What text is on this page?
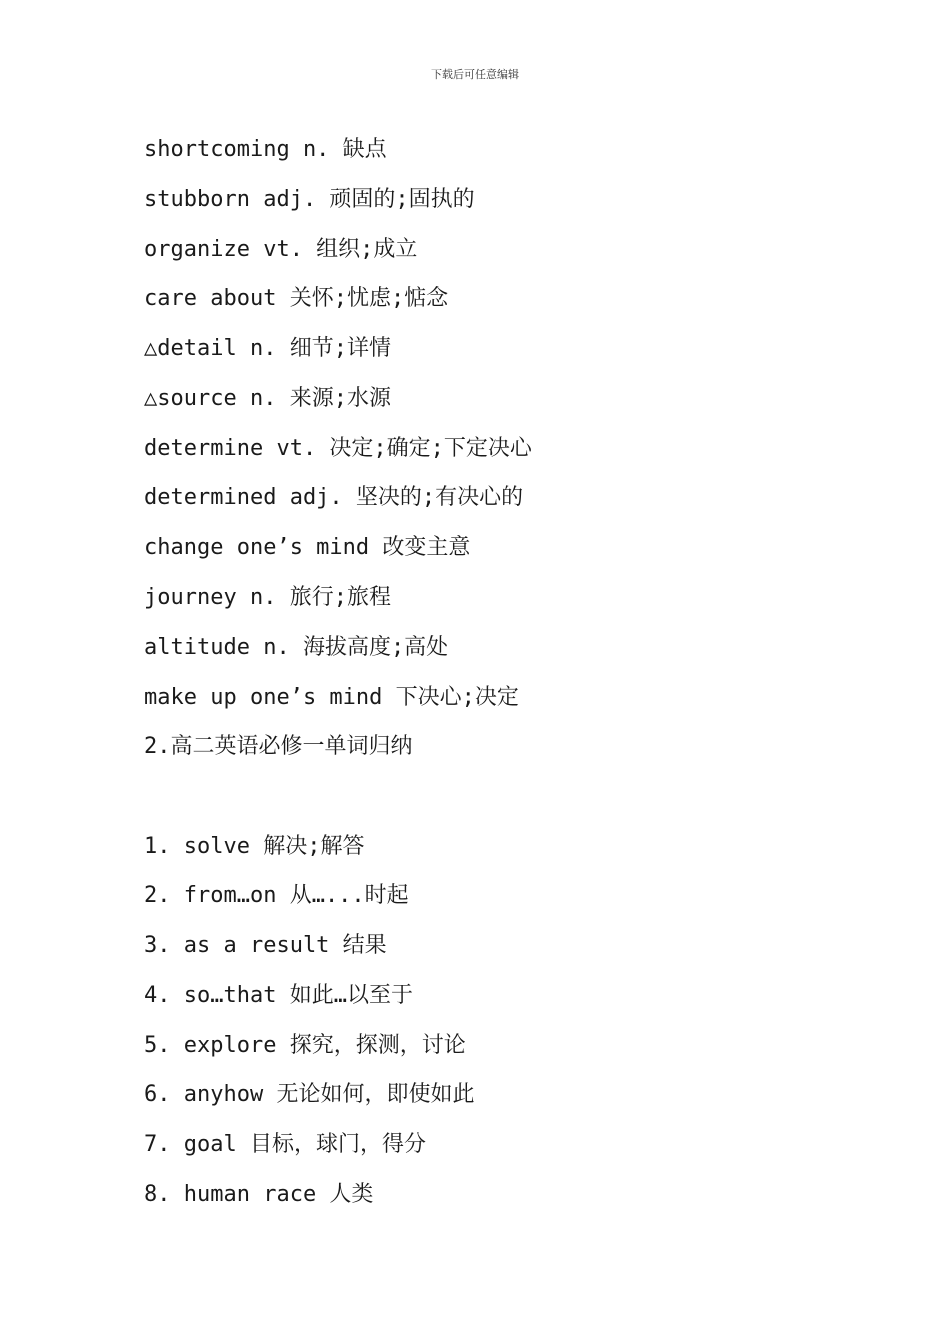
下载后可任意编辑
shortcoming n. 缺点
stubborn adj. 顽固的;固执的
organize vt. 组织;成立
care about 关怀;忧虑;惦念
△detail n. 细节;详情
△source n. 来源;水源
determine vt. 决定;确定;下定决心
determined adj. 坚决的;有决心的
change one’s mind 改变主意
journey n. 旅行;旅程
altitude n. 海拔高度;高处
make up one’s mind 下决心;决定
2.高二英语必修一单词归纳
1. solve 解决;解答
2. from…on 从…...时起
3. as a result 结果
4. so…that 如此…以至于
5. explore 探究，探测，讨论
6. anyhow 无论如何，即使如此
7. goal 目标，球门，得分
8. human race 人类
